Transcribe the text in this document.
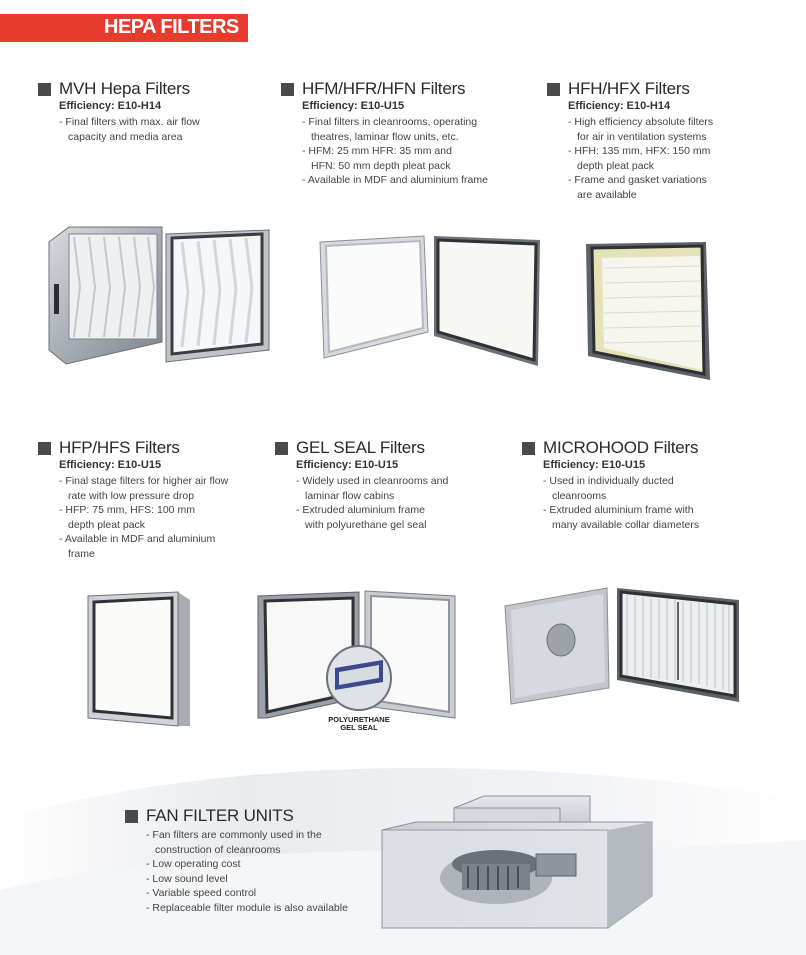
HEPA FILTERS
MVH Hepa Filters
Efficiency: E10-H14
- Final filters with max. air flow
capacity and media area
HFM/HFR/HFN Filters
Efficiency: E10-U15
- Final filters in cleanrooms, operating
theatres, laminar flow units, etc.
- HFM: 25 mm HFR: 35 mm and
HFN: 50 mm depth pleat pack
- Available in MDF and aluminium frame
HFH/HFX Filters
Efficiency: E10-H14
- High efficiency absolute filters
for air in ventilation systems
- HFH: 135 mm, HFX: 150 mm
depth pleat pack
- Frame and gasket variations
are available
HFP/HFS Filters
Efficiency: E10-U15
- Final stage filters for higher air flow
rate with low pressure drop
- HFP: 75 mm, HFS: 100 mm
depth pleat pack
- Available in MDF and aluminium
frame
GEL SEAL Filters
Efficiency: E10-U15
- Widely used in cleanrooms and
laminar flow cabins
- Extruded aluminium frame
with polyurethane gel seal
MICROHOOD Filters
Efficiency: E10-U15
- Used in individually ducted
cleanrooms
- Extruded aluminium frame with
many available collar diameters
POLYURETHANE
GEL SEAL
FAN FILTER UNITS
- Fan filters are commonly used in the
construction of cleanrooms
- Low operating cost
- Low sound level
- Variable speed control
- Replaceable filter module is also available
